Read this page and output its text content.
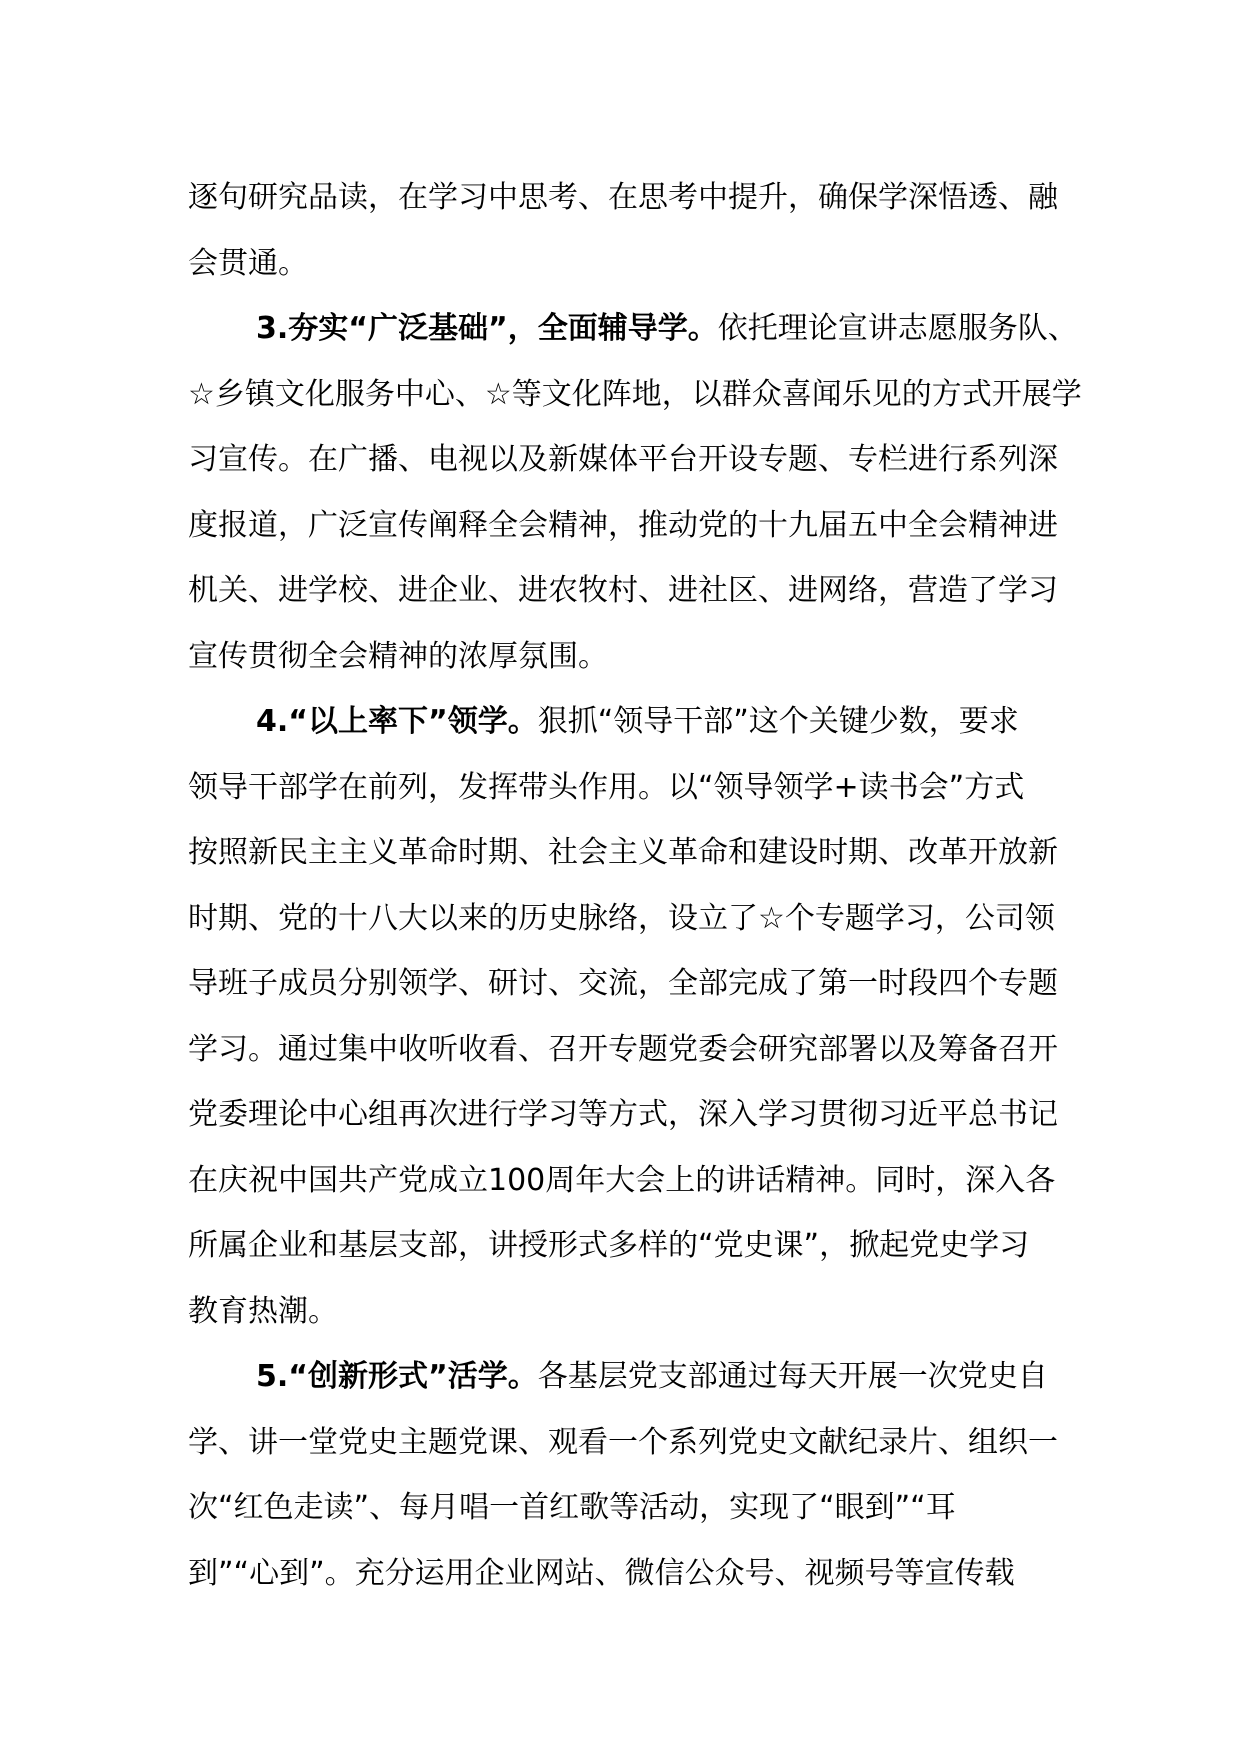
逐句研究品读，在学习中思考、在思考中提升，确保学深悟透、融
会贯通。
3.夯实“广泛基础”，全面辅导学。依托理论宣讲志愿服务队、
☆乡镇文化服务中心、☆等文化阵地，以群众喜闻乐见的方式开展学
习宣传。在广播、电视以及新媒体平台开设专题、专栏进行系列深
度报道，广泛宣传阐释全会精神，推动党的十九届五中全会精神进
机关、进学校、进企业、进农牧村、进社区、进网络，营造了学习
宣传贯彻全会精神的浓厚氛围。
4.“以上率下”领学。狠抓“领导干部”这个关键少数，要求
领导干部学在前列，发挥带头作用。以“领导领学+读书会”方式
按照新民主主义革命时期、社会主义革命和建设时期、改革开放新
时期、党的十八大以来的历史脉络，设立了☆个专题学习，公司领
导班子成员分别领学、研讨、交流，全部完成了第一时段四个专题
学习。通过集中收听收看、召开专题党委会研究部署以及筹备召开
党委理论中心组再次进行学习等方式，深入学习贯彻习近平总书记
在庆祝中国共产党成立100周年大会上的讲话精神。同时，深入各
所属企业和基层支部，讲授形式多样的“党史课”，掀起党史学习
教育热潮。
5.“创新形式”活学。各基层党支部通过每天开展一次党史自
学、讲一堂党史主题党课、观看一个系列党史文献纪录片、组织一
次“红色走读”、每月唱一首红歌等活动，实现了“眼到”“耳
到”“心到”。充分运用企业网站、微信公众号、视频号等宣传载
